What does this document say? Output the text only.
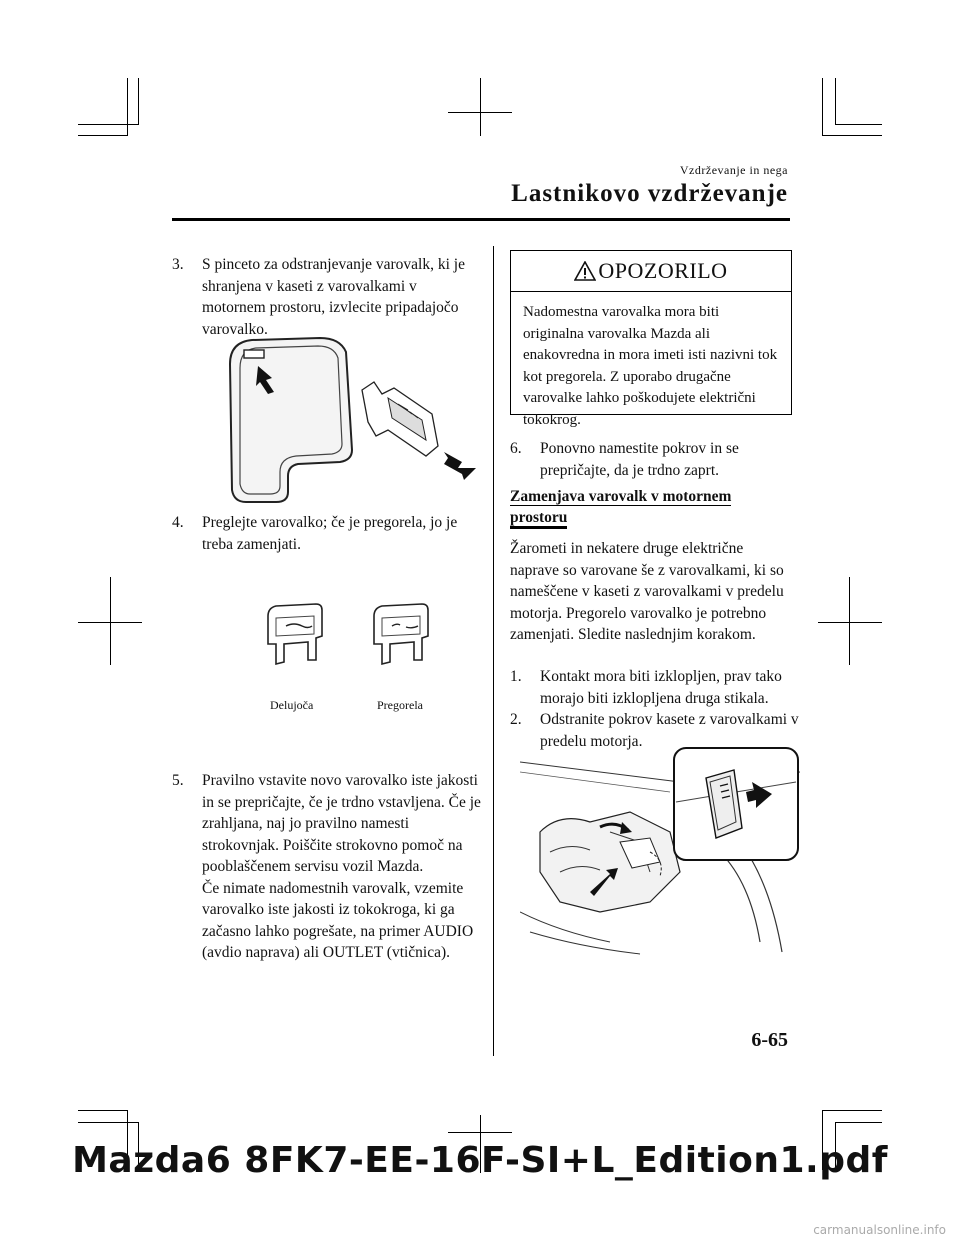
Vzdrževanje in nega
Lastnikovo vzdrževanje
3. S pinceto za odstranjevanje varovalk, ki je shranjena v kaseti z varovalkami v motornem prostoru, izvlecite pripadajočo varovalko.
4. Preglejte varovalko; če je pregorela, jo je treba zamenjati.
Delujoča	Pregorela
5. Pravilno vstavite novo varovalko iste jakosti in se prepričajte, če je trdno vstavljena. Če je zrahljana, naj jo pravilno namesti strokovnjak. Poiščite strokovno pomoč na pooblaščenem servisu vozil Mazda.
Če nimate nadomestnih varovalk, vzemite varovalko iste jakosti iz tokokroga, ki ga začasno lahko pogrešate, na primer AUDIO (avdio naprava) ali OUTLET (vtičnica).
OPOZORILO
Nadomestna varovalka mora biti originalna varovalka Mazda ali enakovredna in mora imeti isti nazivni tok kot pregorela. Z uporabo drugačne varovalke lahko poškodujete električni tokokrog.
6. Ponovno namestite pokrov in se prepričajte, da je trdno zaprt.
Zamenjava varovalk v motornem
prostoru
Žarometi in nekatere druge električne naprave so varovane še z varovalkami, ki so nameščene v kaseti z varovalkami v predelu motorja. Pregorelo varovalko je potrebno zamenjati. Sledite naslednjim korakom.
1. Kontakt mora biti izklopljen, prav tako morajo biti izklopljena druga stikala.
2. Odstranite pokrov kasete z varovalkami v predelu motorja.
6-65
Mazda6 8FK7-EE-16F-SI+L_Edition1.pdf
carmanualsonline.info
